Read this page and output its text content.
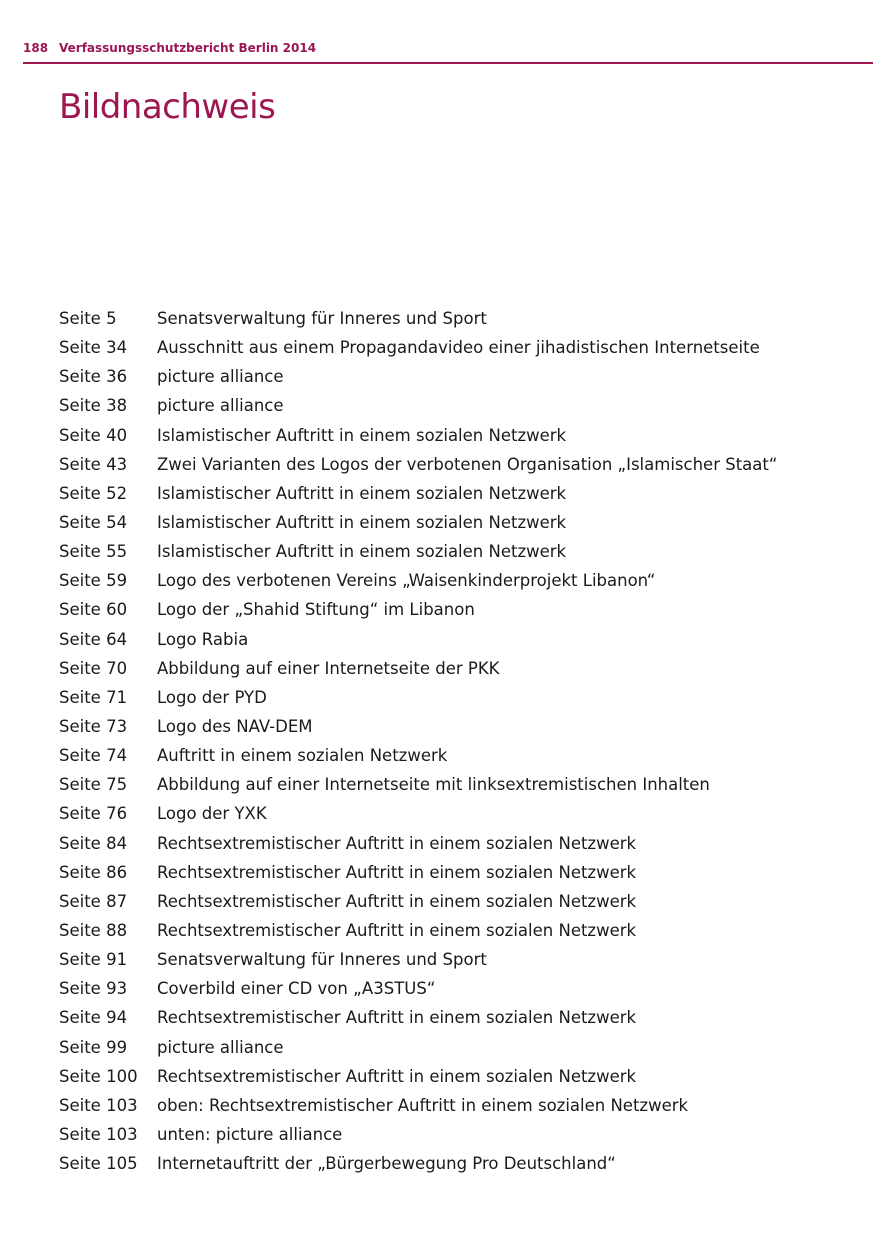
188 Verfassungsschutzbericht Berlin 2014
Bildnachweis
Seite 5	Senatsverwaltung für Inneres und Sport
Seite 34	Ausschnitt aus einem Propagandavideo einer jihadistischen Internetseite
Seite 36	picture alliance
Seite 38	picture alliance
Seite 40	Islamistischer Auftritt in einem sozialen Netzwerk
Seite 43	Zwei Varianten des Logos der verbotenen Organisation „Islamischer Staat“
Seite 52	Islamistischer Auftritt in einem sozialen Netzwerk
Seite 54	Islamistischer Auftritt in einem sozialen Netzwerk
Seite 55	Islamistischer Auftritt in einem sozialen Netzwerk
Seite 59	Logo des verbotenen Vereins „Waisenkinderprojekt Libanon“
Seite 60	Logo der „Shahid Stiftung“ im Libanon
Seite 64	Logo Rabia
Seite 70	Abbildung auf einer Internetseite der PKK
Seite 71	Logo der PYD
Seite 73	Logo des NAV-DEM
Seite 74	Auftritt in einem sozialen Netzwerk
Seite 75	Abbildung auf einer Internetseite mit linksextremistischen Inhalten
Seite 76	Logo der YXK
Seite 84	Rechtsextremistischer Auftritt in einem sozialen Netzwerk
Seite 86	Rechtsextremistischer Auftritt in einem sozialen Netzwerk
Seite 87	Rechtsextremistischer Auftritt in einem sozialen Netzwerk
Seite 88	Rechtsextremistischer Auftritt in einem sozialen Netzwerk
Seite 91	Senatsverwaltung für Inneres und Sport
Seite 93	Coverbild einer CD von „A3STUS“
Seite 94	Rechtsextremistischer Auftritt in einem sozialen Netzwerk
Seite 99	picture alliance
Seite 100	Rechtsextremistischer Auftritt in einem sozialen Netzwerk
Seite 103	oben: Rechtsextremistischer Auftritt in einem sozialen Netzwerk
Seite 103	unten: picture alliance
Seite 105	Internetauftritt der „Bürgerbewegung Pro Deutschland“
